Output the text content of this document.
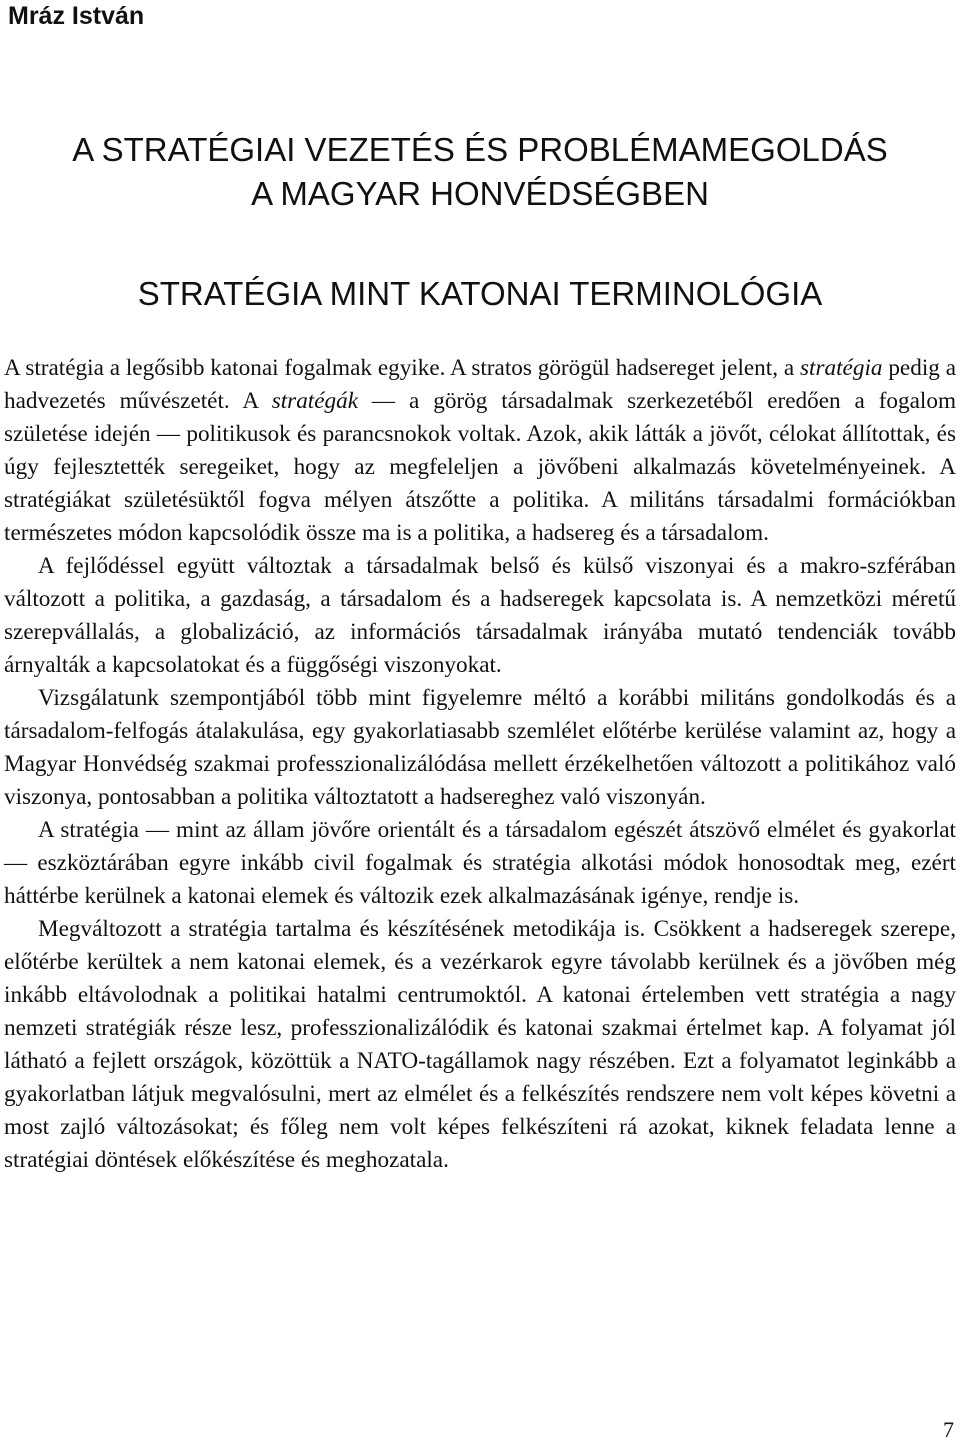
Mráz István
A STRATÉGIAI VEZETÉS ÉS PROBLÉMAMEGOLDÁS
A MAGYAR HONVÉDSÉGBEN
STRATÉGIA MINT KATONAI TERMINOLÓGIA

A stratégia a legősibb katonai fogalmak egyike. A stratos görögül hadsereget jelent, a stratégia pedig a hadvezetés művészetét. A stratégák — a görög társadalmak szerkezetéből eredően a fogalom születése idején — politikusok és parancsnokok voltak. Azok, akik látták a jövőt, célokat állítottak, és úgy fejlesztették seregeiket, hogy az megfeleljen a jövőbeni alkalmazás követelményeinek. A stratégiákat születésüktől fogva mélyen átszőtte a politika. A militáns társadalmi formációkban természetes módon kapcsolódik össze ma is a politika, a hadsereg és a társadalom.

A fejlődéssel együtt változtak a társadalmak belső és külső viszonyai és a makro-szférában változott a politika, a gazdaság, a társadalom és a hadseregek kapcsolata is. A nemzetközi méretű szerepvállalás, a globalizáció, az információs társadalmak irányába mutató tendenciák tovább árnyalták a kapcsolatokat és a függőségi viszonyokat.

Vizsgálatunk szempontjából több mint figyelemre méltó a korábbi militáns gondolkodás és a társadalom-felfogás átalakulása, egy gyakorlatiasabb szemlélet előtérbe kerülése valamint az, hogy a Magyar Honvédség szakmai professzionalizálódása mellett érzékelhetően változott a politikához való viszonya, pontosabban a politika változtatott a hadsereghez való viszonyán.

A stratégia — mint az állam jövőre orientált és a társadalom egészét átszövő elmélet és gyakorlat — eszköztárában egyre inkább civil fogalmak és stratégia alkotási módok honosodtak meg, ezért háttérbe kerülnek a katonai elemek és változik ezek alkalmazásának igénye, rendje is.

Megváltozott a stratégia tartalma és készítésének metodikája is. Csökkent a hadseregek szerepe, előtérbe kerültek a nem katonai elemek, és a vezérkarok egyre távolabb kerülnek és a jövőben még inkább eltávolodnak a politikai hatalmi centrumoktól. A katonai értelemben vett stratégia a nagy nemzeti stratégiák része lesz, professzionalizálódik és katonai szakmai értelmet kap. A folyamat jól látható a fejlett országok, közöttük a NATO-tagállamok nagy részében. Ezt a folyamatot leginkább a gyakorlatban látjuk megvalósulni, mert az elmélet és a felkészítés rendszere nem volt képes követni a most zajló változásokat; és főleg nem volt képes felkészíteni rá azokat, kiknek feladata lenne a stratégiai döntések előkészítése és meghozatala.

7
